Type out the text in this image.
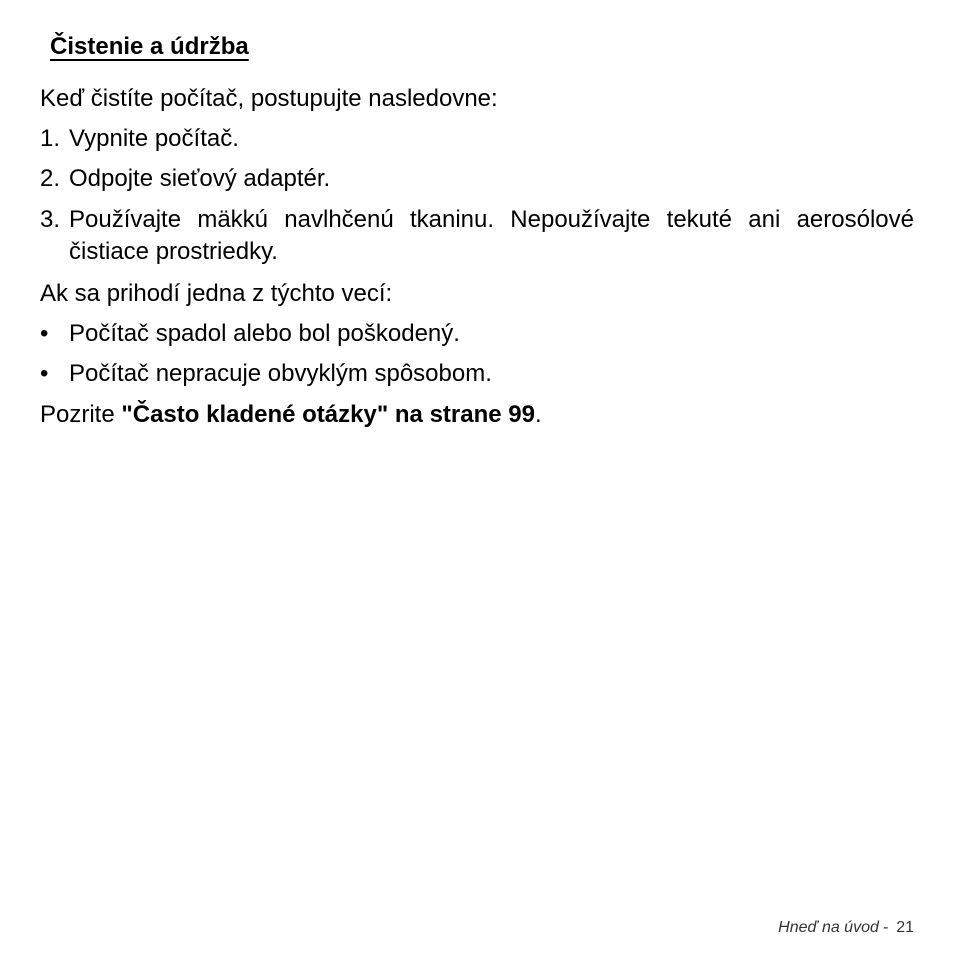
Čistenie a údržba

Keď čistíte počítač, postupujte nasledovne:

1. Vypnite počítač.
2. Odpojte sieťový adaptér.
3. Používajte mäkkú navlhčenú tkaninu. Nepoužívajte tekuté ani aerosólové čistiace prostriedky.

Ak sa prihodí jedna z týchto vecí:

• Počítač spadol alebo bol poškodený.
• Počítač nepracuje obvyklým spôsobom.

Pozrite "Často kladené otázky" na strane 99.

Hneď na úvod - 21
